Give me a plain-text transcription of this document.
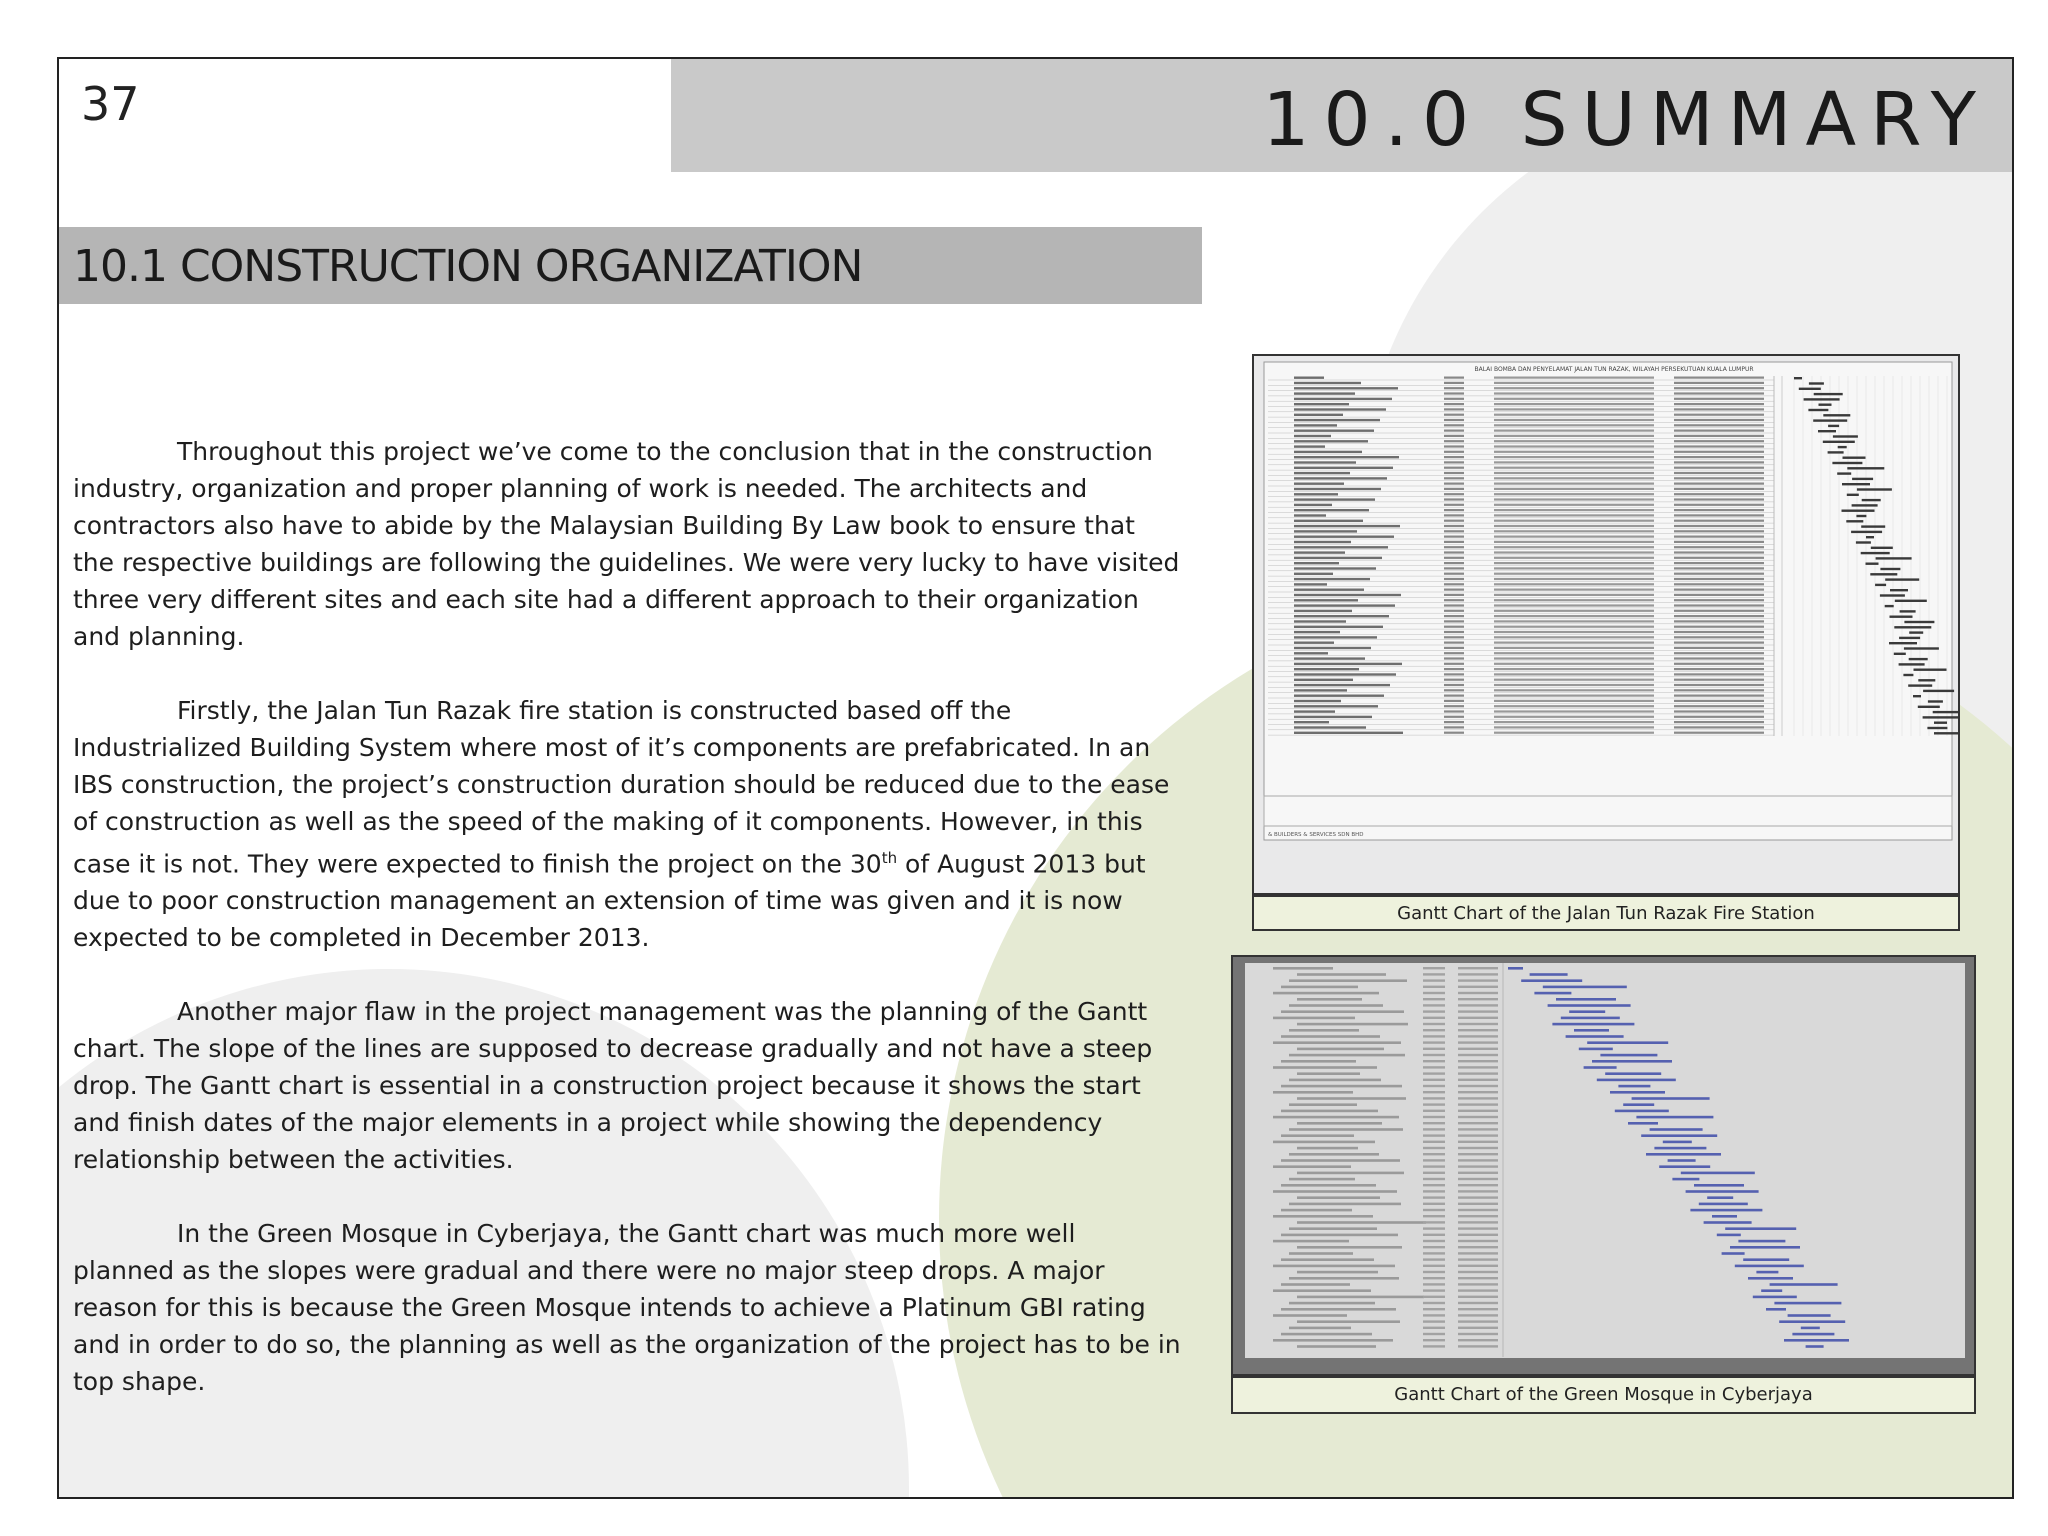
37	10.0 SUMMARY
10.1 CONSTRUCTION ORGANIZATION

Throughout this project we’ve come to the conclusion that in the construction industry, organization and proper planning of work is needed. The architects and contractors also have to abide by the Malaysian Building By Law book to ensure that the respective buildings are following the guidelines. We were very lucky to have visited three very different sites and each site had a different approach to their organization and planning.

Firstly, the Jalan Tun Razak fire station is constructed based off the Industrialized Building System where most of it’s components are prefabricated. In an IBS construction, the project’s construction duration should be reduced due to the ease of construction as well as the speed of the making of it components. However, in this case it is not. They were expected to finish the project on the 30th of August 2013 but due to poor construction management an extension of time was given and it is now expected to be completed in December 2013.

Another major flaw in the project management was the planning of the Gantt chart. The slope of the lines are supposed to decrease gradually and not have a steep drop. The Gantt chart is essential in a construction project because it shows the start and finish dates of the major elements in a project while showing the dependency relationship between the activities.

In the Green Mosque in Cyberjaya, the Gantt chart was much more well planned as the slopes were gradual and there were no major steep drops. A major reason for this is because the Green Mosque intends to achieve a Platinum GBI rating and in order to do so, the planning as well as the organization of the project has to be in top shape.

BALAI BOMBA DAN PENYELAMAT JALAN TUN RAZAK, WILAYAH PERSEKUTUAN KUALA LUMPUR
& BUILDERS & SERVICES SDN BHD
Gantt Chart of the Jalan Tun Razak Fire Station
Gantt Chart of the Green Mosque in Cyberjaya
